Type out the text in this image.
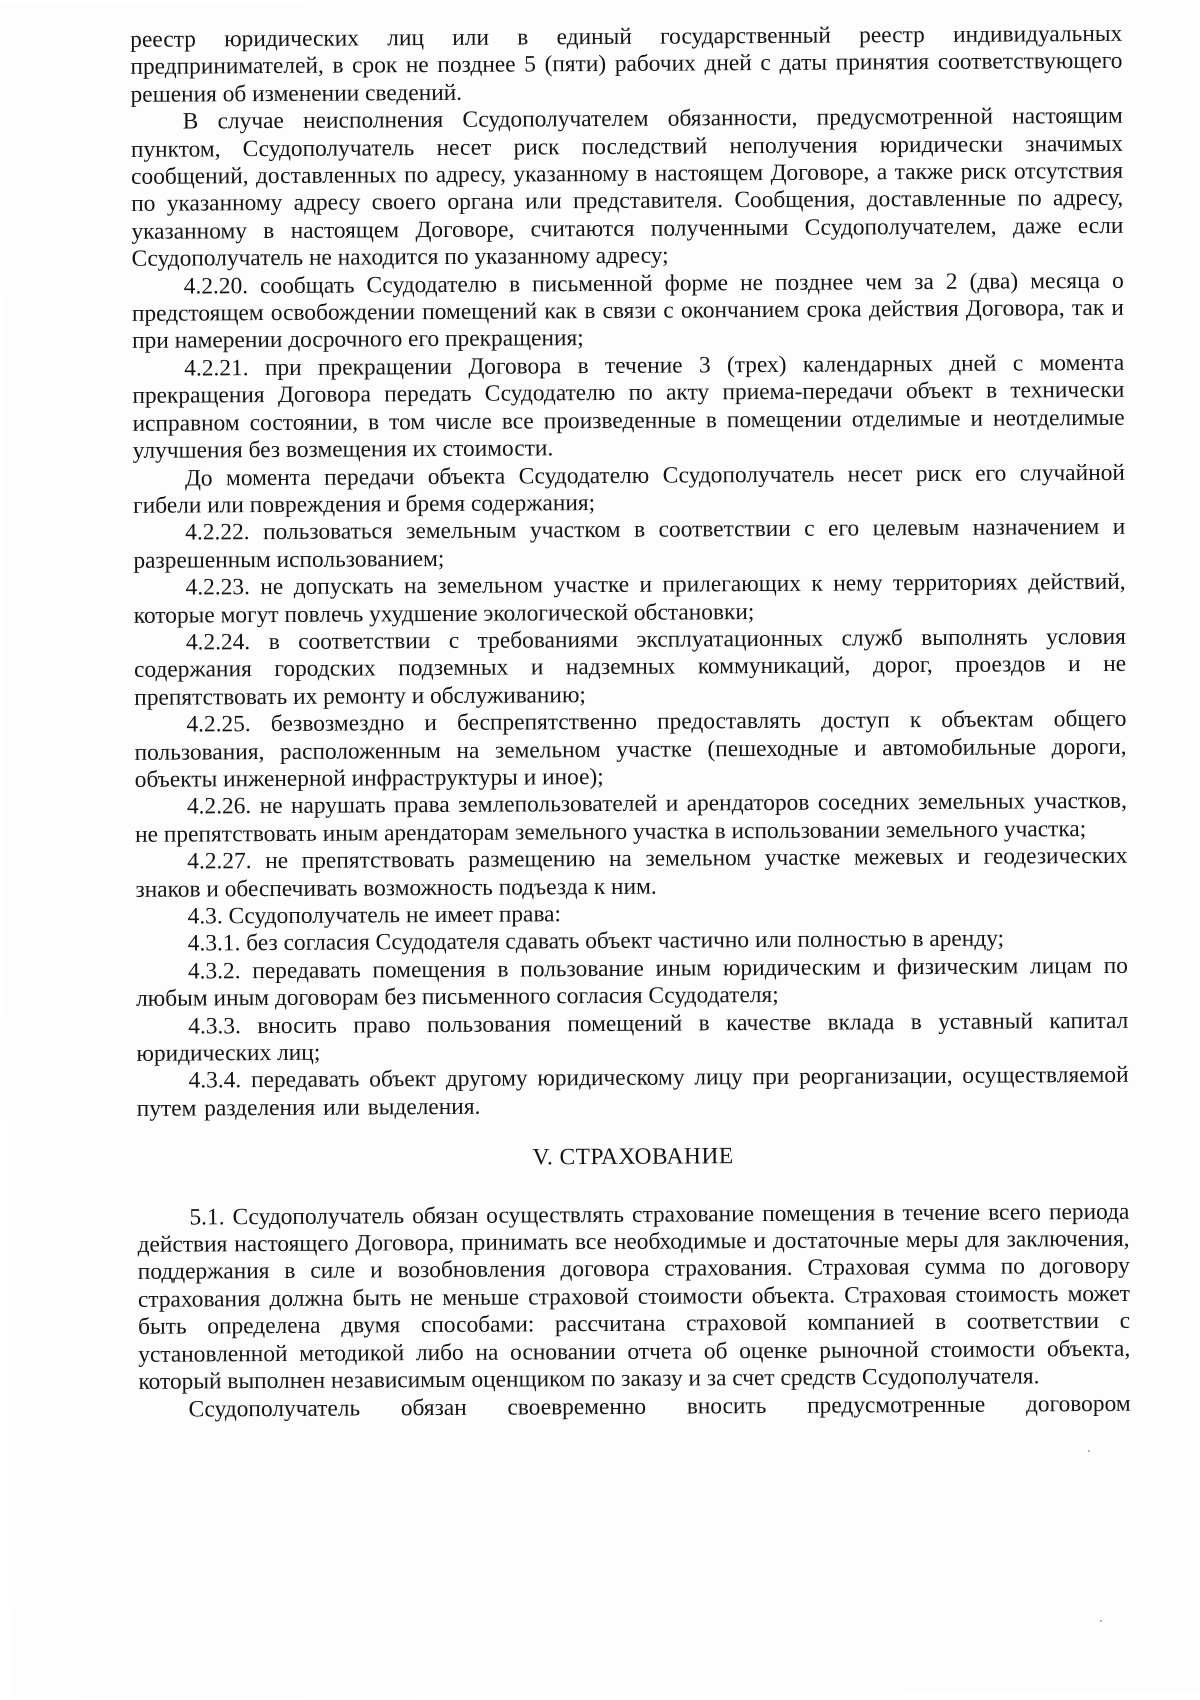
реестр юридических лиц или в единый государственный реестр индивидуальных предпринимателей, в срок не позднее 5 (пяти) рабочих дней с даты принятия соответствующего решения об изменении сведений.

В случае неисполнения Ссудополучателем обязанности, предусмотренной настоящим пунктом, Ссудополучатель несет риск последствий неполучения юридически значимых сообщений, доставленных по адресу, указанному в настоящем Договоре, а также риск отсутствия по указанному адресу своего органа или представителя. Сообщения, доставленные по адресу, указанному в настоящем Договоре, считаются полученными Ссудополучателем, даже если Ссудополучатель не находится по указанному адресу;

4.2.20. сообщать Ссудодателю в письменной форме не позднее чем за 2 (два) месяца о предстоящем освобождении помещений как в связи с окончанием срока действия Договора, так и при намерении досрочного его прекращения;

4.2.21. при прекращении Договора в течение 3 (трех) календарных дней с момента прекращения Договора передать Ссудодателю по акту приема-передачи объект в технически исправном состоянии, в том числе все произведенные в помещении отделимые и неотделимые улучшения без возмещения их стоимости.

До момента передачи объекта Ссудодателю Ссудополучатель несет риск его случайной гибели или повреждения и бремя содержания;

4.2.22. пользоваться земельным участком в соответствии с его целевым назначением и разрешенным использованием;

4.2.23. не допускать на земельном участке и прилегающих к нему территориях действий, которые могут повлечь ухудшение экологической обстановки;

4.2.24. в соответствии с требованиями эксплуатационных служб выполнять условия содержания городских подземных и надземных коммуникаций, дорог, проездов и не препятствовать их ремонту и обслуживанию;

4.2.25. безвозмездно и беспрепятственно предоставлять доступ к объектам общего пользования, расположенным на земельном участке (пешеходные и автомобильные дороги, объекты инженерной инфраструктуры и иное);

4.2.26. не нарушать права землепользователей и арендаторов соседних земельных участков, не препятствовать иным арендаторам земельного участка в использовании земельного участка;

4.2.27. не препятствовать размещению на земельном участке межевых и геодезических знаков и обеспечивать возможность подъезда к ним.

4.3. Ссудополучатель не имеет права:

4.3.1. без согласия Ссудодателя сдавать объект частично или полностью в аренду;

4.3.2. передавать помещения в пользование иным юридическим и физическим лицам по любым иным договорам без письменного согласия Ссудодателя;

4.3.3. вносить право пользования помещений в качестве вклада в уставный капитал юридических лиц;

4.3.4. передавать объект другому юридическому лицу при реорганизации, осуществляемой путем разделения или выделения.

V. СТРАХОВАНИЕ

5.1. Ссудополучатель обязан осуществлять страхование помещения в течение всего периода действия настоящего Договора, принимать все необходимые и достаточные меры для заключения, поддержания в силе и возобновления договора страхования. Страховая сумма по договору страхования должна быть не меньше страховой стоимости объекта. Страховая стоимость может быть определена двумя способами: рассчитана страховой компанией в соответствии с установленной методикой либо на основании отчета об оценке рыночной стоимости объекта, который выполнен независимым оценщиком по заказу и за счет средств Ссудополучателя.

Ссудополучатель обязан своевременно вносить предусмотренные договором
